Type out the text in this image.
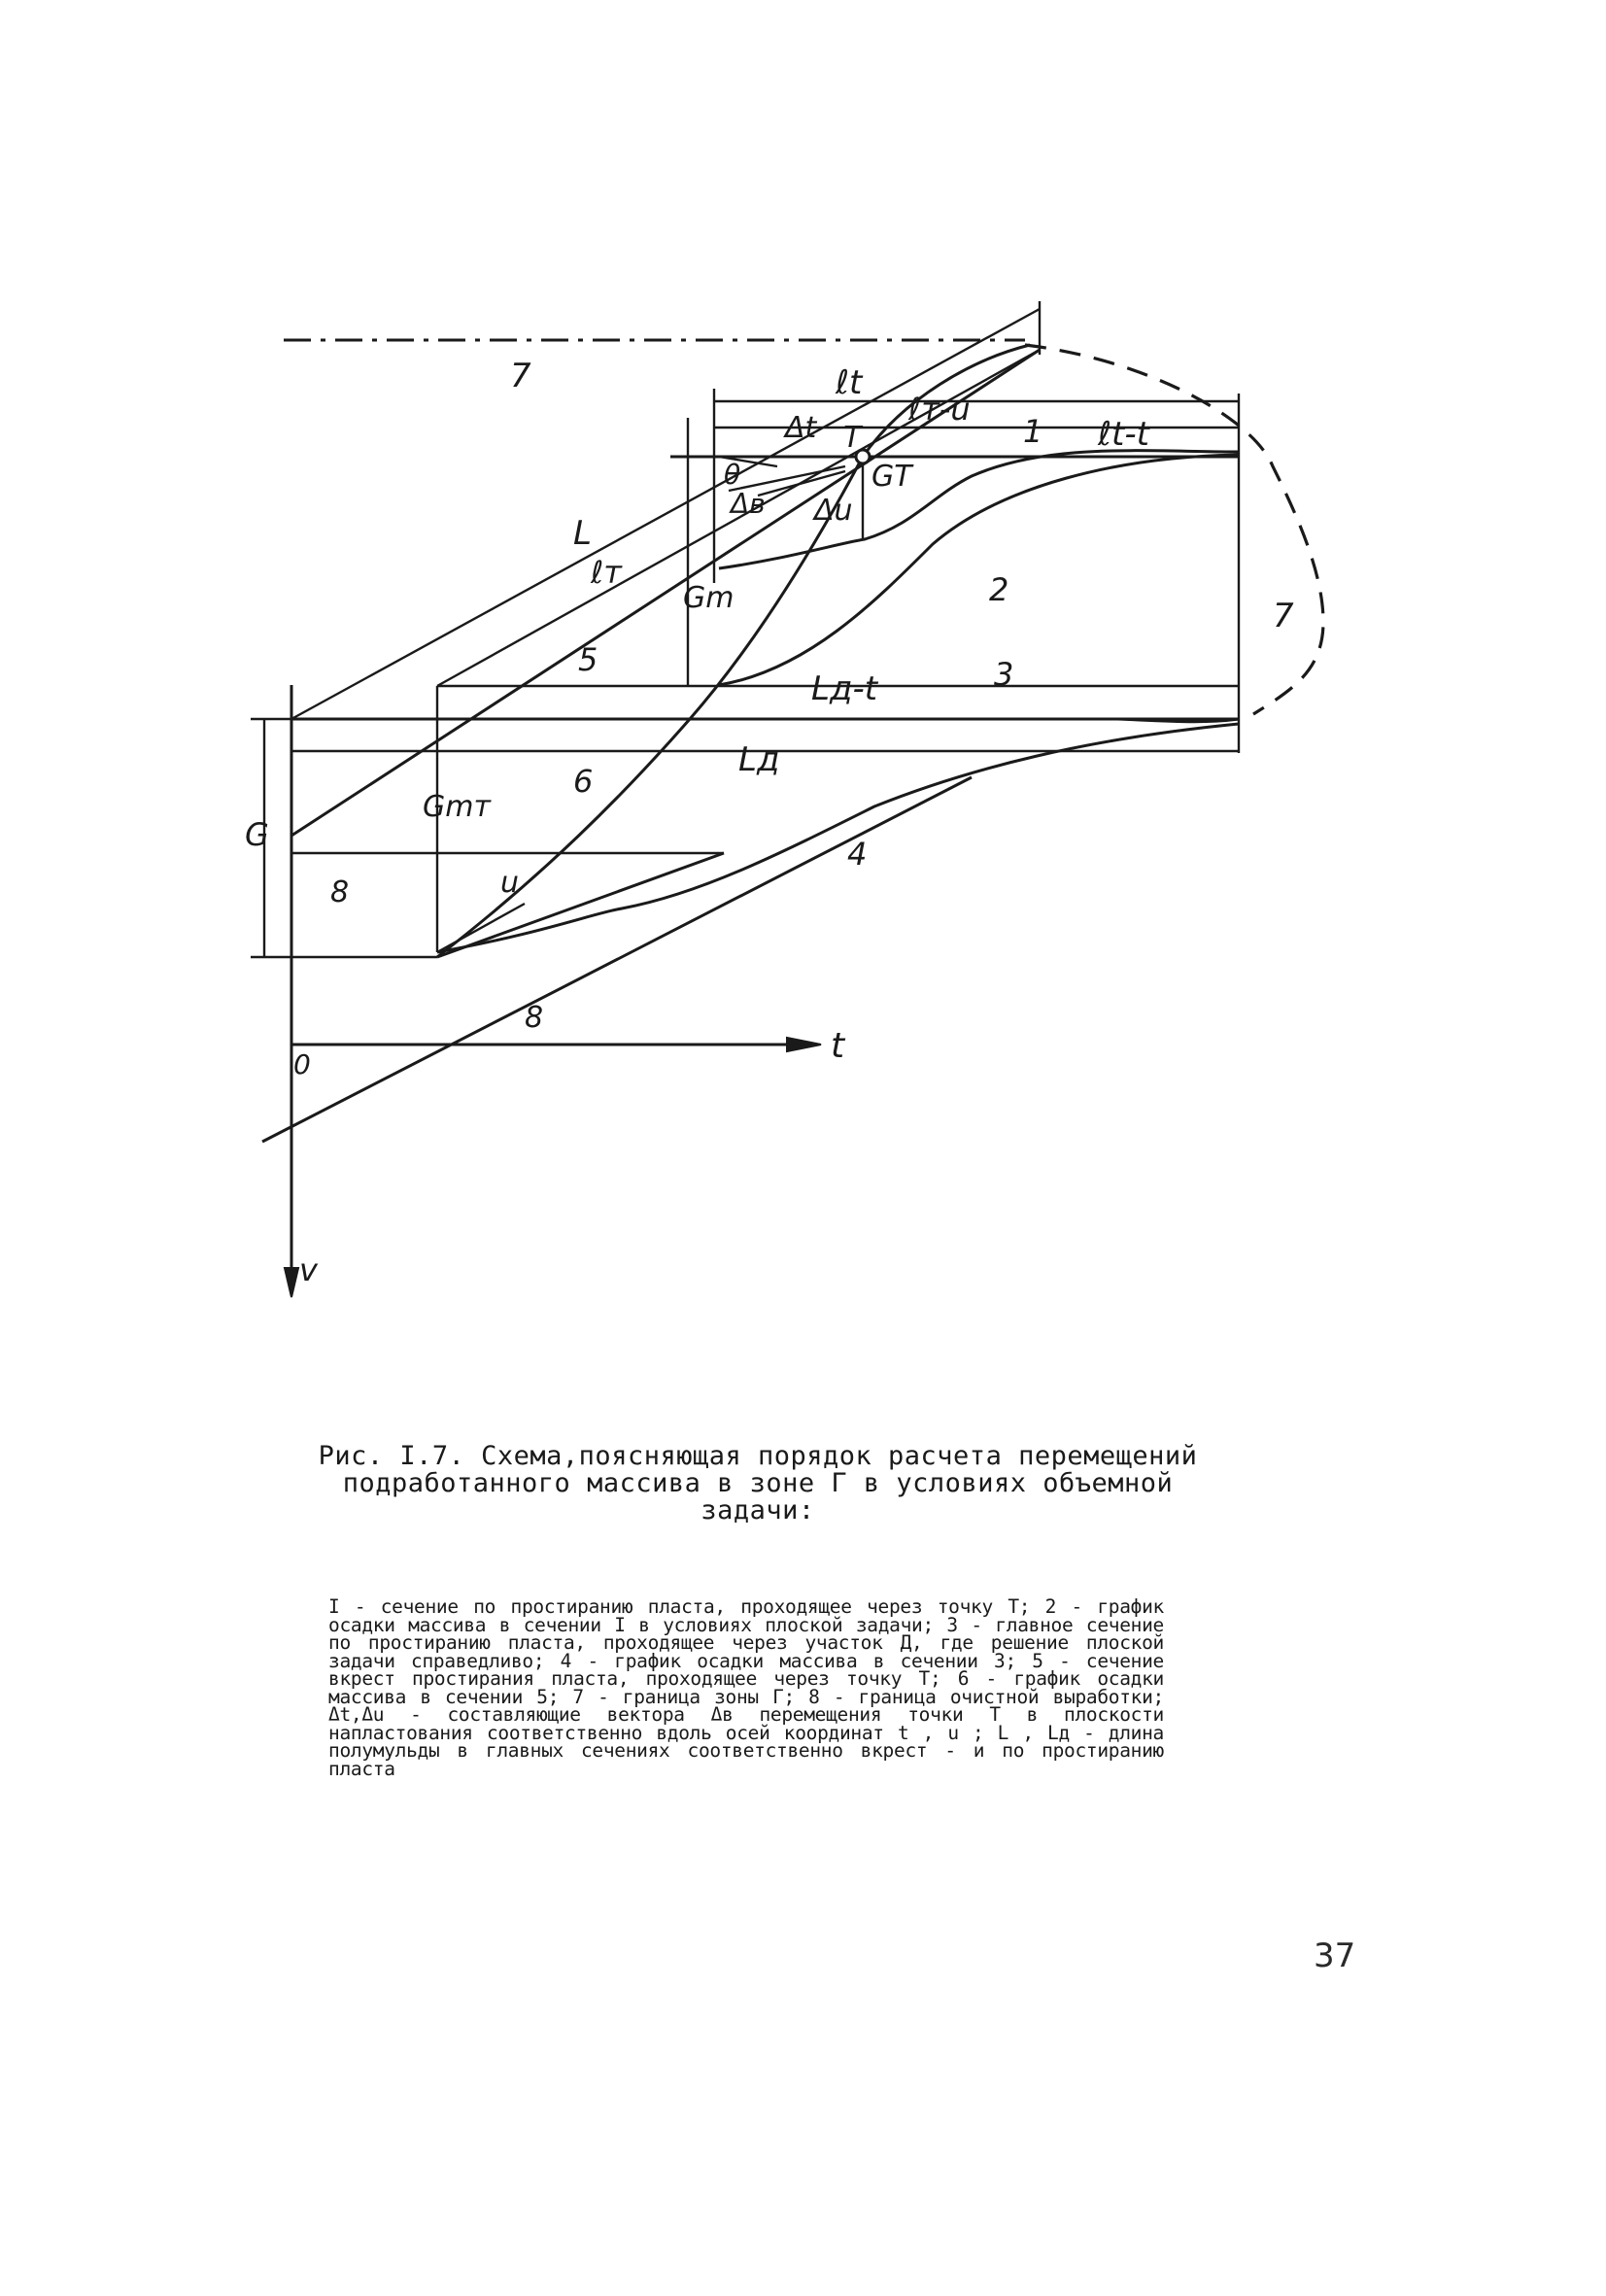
7
7
ℓt
ℓт-u
Δt T	1 ℓt-t
θ
Δв Δu
GT
L
ℓт
Gm	2
5
Lд-t	3
Lд
6
Gmт
G
8	u
4
8
0	t
v
Рис. I.7. Схема,поясняющая порядок расчета перемещений
подработанного массива в зоне Г в условиях объемной
задачи:
I - сечение по простиранию пласта, проходящее через точку Т; 2 - график осадки массива в сечении I в условиях плоской задачи; 3 - главное сечение по простиранию пласта, проходящее через участок Д, где решение плоской задачи справедливо; 4 - график осадки массива в сечении 3; 5 - сечение вкрест простирания пласта, проходящее через точку Т; 6 - график осадки массива в сечении 5; 7 - граница зоны Г; 8 - граница очистной выработки; Δt,Δu - составляющие вектора Δв перемещения точки Т в плоскости напластования соответственно вдоль осей координат t , u ; L , Lд - длина полумульды в главных сечениях соответственно вкрест - и по простиранию пласта
37
